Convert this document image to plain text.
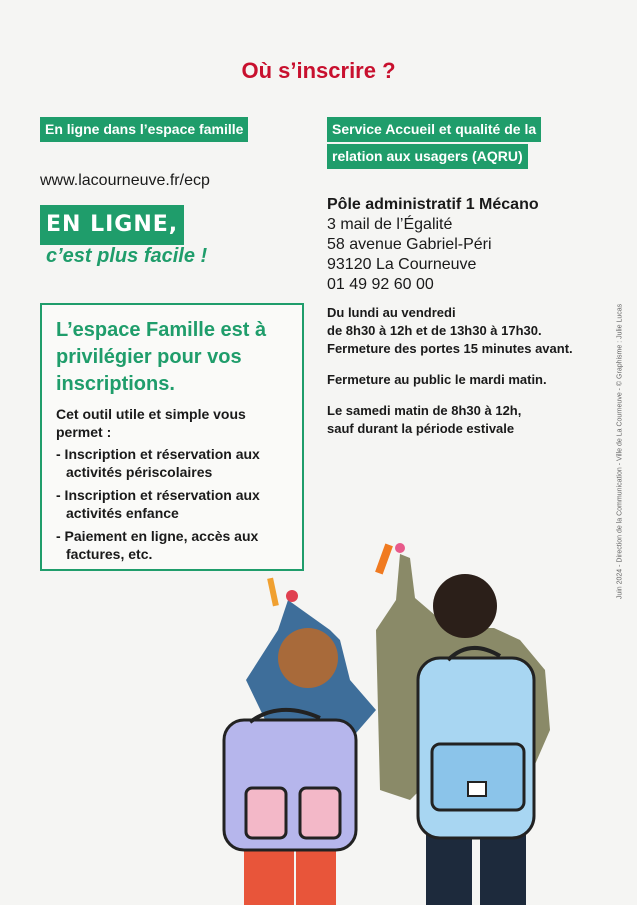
Où s’inscrire ?
En ligne dans l’espace famille
www.lacourneuve.fr/ecp
EN LIGNE,
c’est plus facile !
L’espace Famille est à privilégier pour vos inscriptions.
Cet outil utile et simple vous permet :
- Inscription et réservation aux activités périscolaires
- Inscription et réservation aux activités enfance
- Paiement en ligne, accès aux factures, etc.
Service Accueil et qualité de la
relation aux usagers (AQRU)
Pôle administratif 1 Mécano
3 mail de l’Égalité
58 avenue Gabriel-Péri
93120 La Courneuve
01 49 92 60 00
Du lundi au vendredi
de 8h30 à 12h et de 13h30 à 17h30.
Fermeture des portes 15 minutes avant.
Fermeture au public le mardi matin.
Le samedi matin de 8h30 à 12h,
sauf durant la période estivale	Juin 2024 - Direction de la Communication - Ville de La Courneuve - © Graphisme : Julie Lucas
